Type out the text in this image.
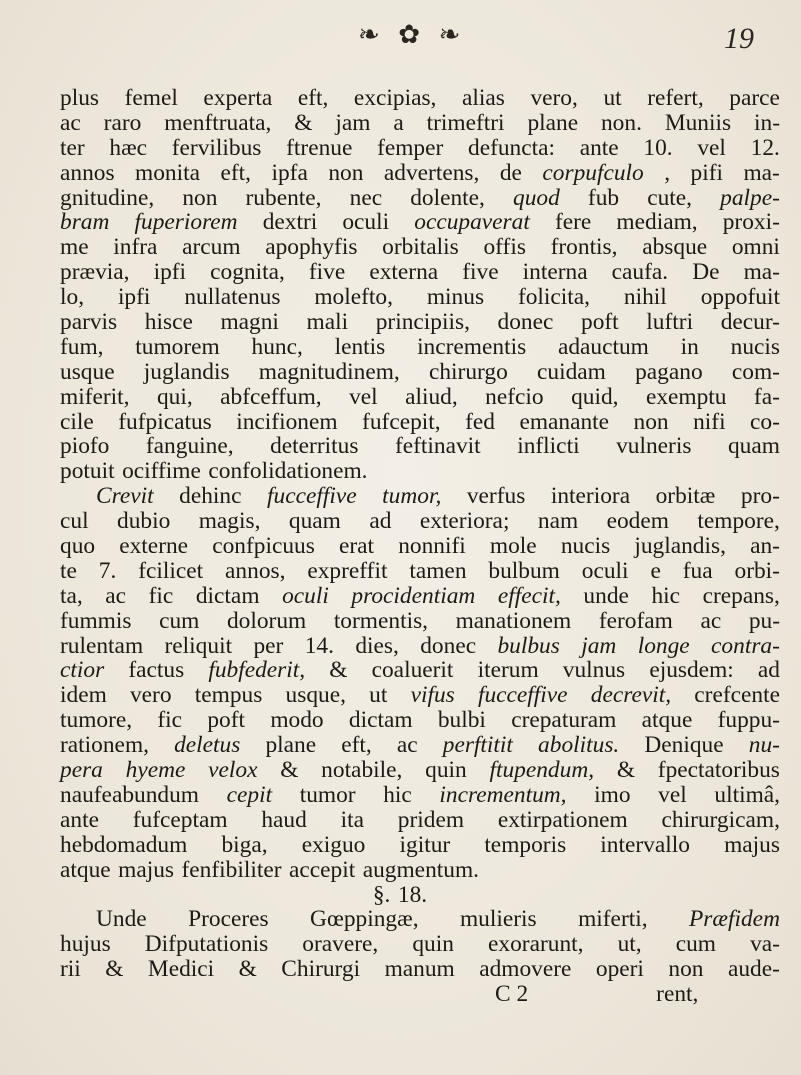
❧ ✿ ❧	19
plus femel experta eft, excipias, alias vero, ut refert, parce
ac raro menftruata, & jam a trimeftri plane non. Muniis in-
ter hæc fervilibus ftrenue femper defuncta: ante 10. vel 12.
annos monita eft, ipfa non advertens, de corpufculo , pifi ma-
gnitudine, non rubente, nec dolente, quod fub cute, palpe-
bram fuperiorem dextri oculi occupaverat fere mediam, proxi-
me infra arcum apophyfis orbitalis offis frontis, absque omni
prævia, ipfi cognita, five externa five interna caufa. De ma-
lo, ipfi nullatenus molefto, minus folicita, nihil oppofuit
parvis hisce magni mali principiis, donec poft luftri decur-
fum, tumorem hunc, lentis incrementis adauctum in nucis
usque juglandis magnitudinem, chirurgo cuidam pagano com-
miferit, qui, abfceffum, vel aliud, nefcio quid, exemptu fa-
cile fufpicatus incifionem fufcepit, fed emanante non nifi co-
piofo fanguine, deterritus feftinavit inflicti vulneris quam
potuit ociffime confolidationem.
Crevit dehinc fucceffive tumor, verfus interiora orbitæ pro-
cul dubio magis, quam ad exteriora; nam eodem tempore,
quo externe confpicuus erat nonnifi mole nucis juglandis, an-
te 7. fcilicet annos, expreffit tamen bulbum oculi e fua orbi-
ta, ac fic dictam oculi procidentiam effecit, unde hic crepans,
fummis cum dolorum tormentis, manationem ferofam ac pu-
rulentam reliquit per 14. dies, donec bulbus jam longe contra-
ctior factus fubfederit, & coaluerit iterum vulnus ejusdem: ad
idem vero tempus usque, ut vifus fucceffive decrevit, crefcente
tumore, fic poft modo dictam bulbi crepaturam atque fuppu-
rationem, deletus plane eft, ac perftitit abolitus. Denique nu-
pera hyeme velox & notabile, quin ftupendum, & fpectatoribus
naufeabundum cepit tumor hic incrementum, imo vel ultimâ,
ante fufceptam haud ita pridem extirpationem chirurgicam,
hebdomadum biga, exiguo igitur temporis intervallo majus
atque majus fenfibiliter accepit augmentum.
§. 18.
Unde Proceres Gœppingæ, mulieris miferti, Præfidem
hujus Difputationis oravere, quin exorarunt, ut, cum va-
rii & Medici & Chirurgi manum admovere operi non aude-
C 2	rent,
